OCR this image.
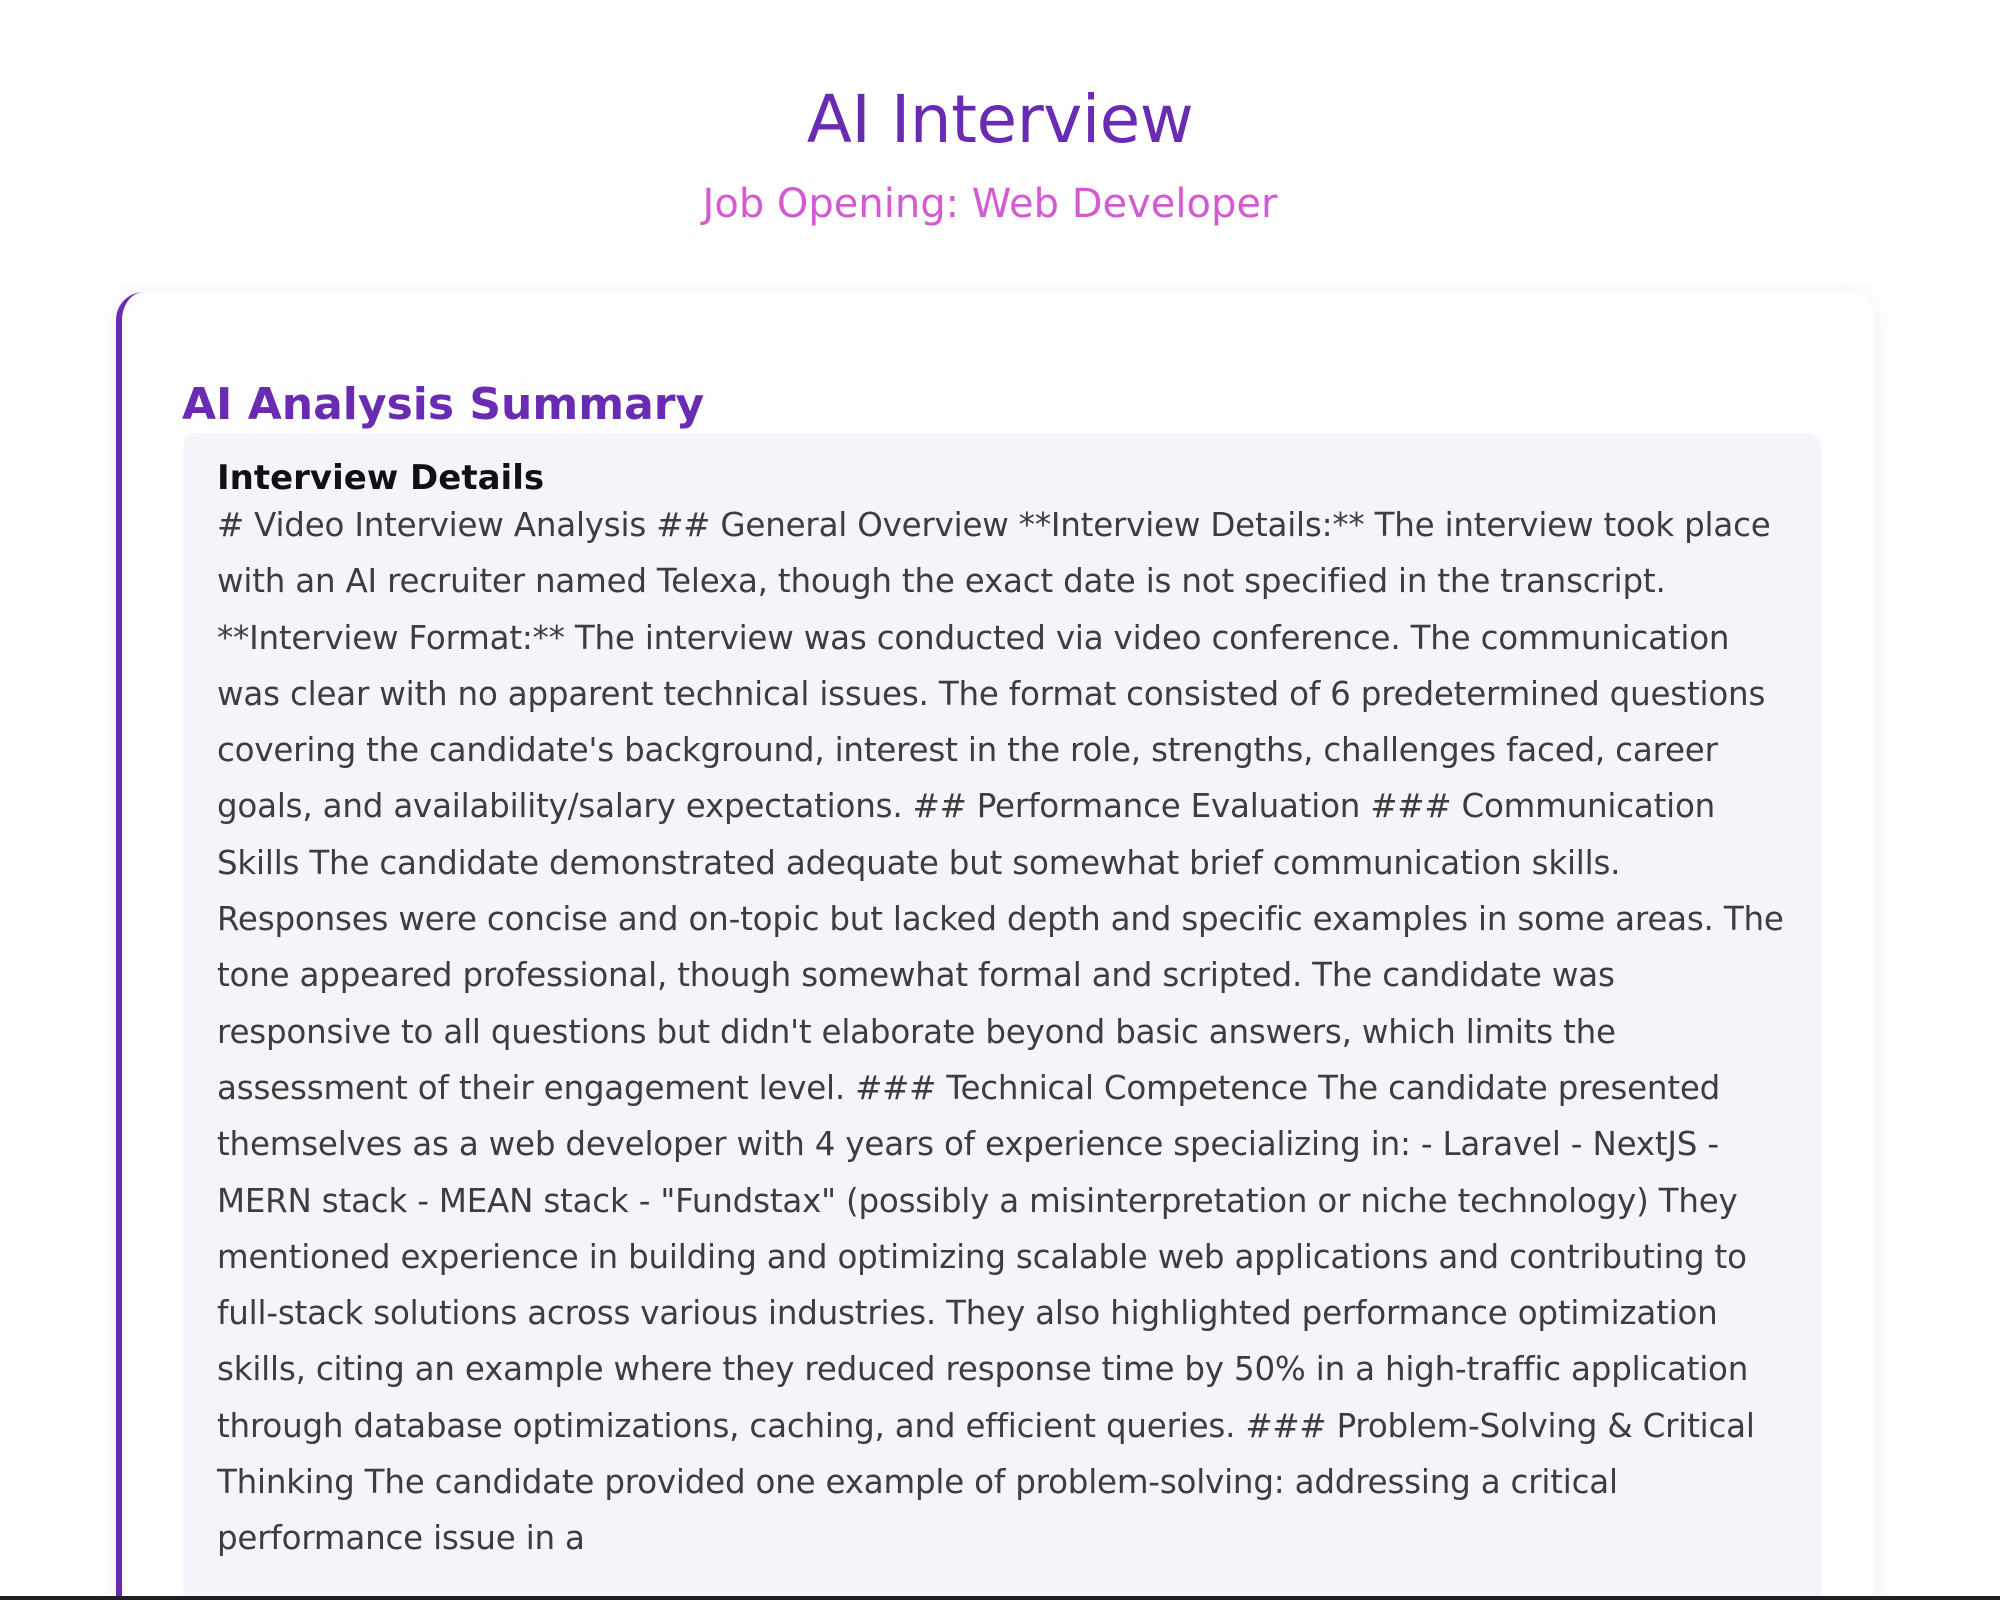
AI Interview
Job Opening: Web Developer
AI Analysis Summary
Interview Details
# Video Interview Analysis ## General Overview **Interview Details:** The interview took place with an AI recruiter named Telexa, though the exact date is not specified in the transcript. **Interview Format:** The interview was conducted via video conference. The communication was clear with no apparent technical issues. The format consisted of 6 predetermined questions covering the candidate's background, interest in the role, strengths, challenges faced, career goals, and availability/salary expectations. ## Performance Evaluation ### Communication Skills The candidate demonstrated adequate but somewhat brief communication skills. Responses were concise and on-topic but lacked depth and specific examples in some areas. The tone appeared professional, though somewhat formal and scripted. The candidate was responsive to all questions but didn't elaborate beyond basic answers, which limits the assessment of their engagement level. ### Technical Competence The candidate presented themselves as a web developer with 4 years of experience specializing in: - Laravel - NextJS - MERN stack - MEAN stack - "Fundstax" (possibly a misinterpretation or niche technology) They mentioned experience in building and optimizing scalable web applications and contributing to full-stack solutions across various industries. They also highlighted performance optimization skills, citing an example where they reduced response time by 50% in a high-traffic application through database optimizations, caching, and efficient queries. ### Problem-Solving & Critical Thinking The candidate provided one example of problem-solving: addressing a critical performance issue in a
